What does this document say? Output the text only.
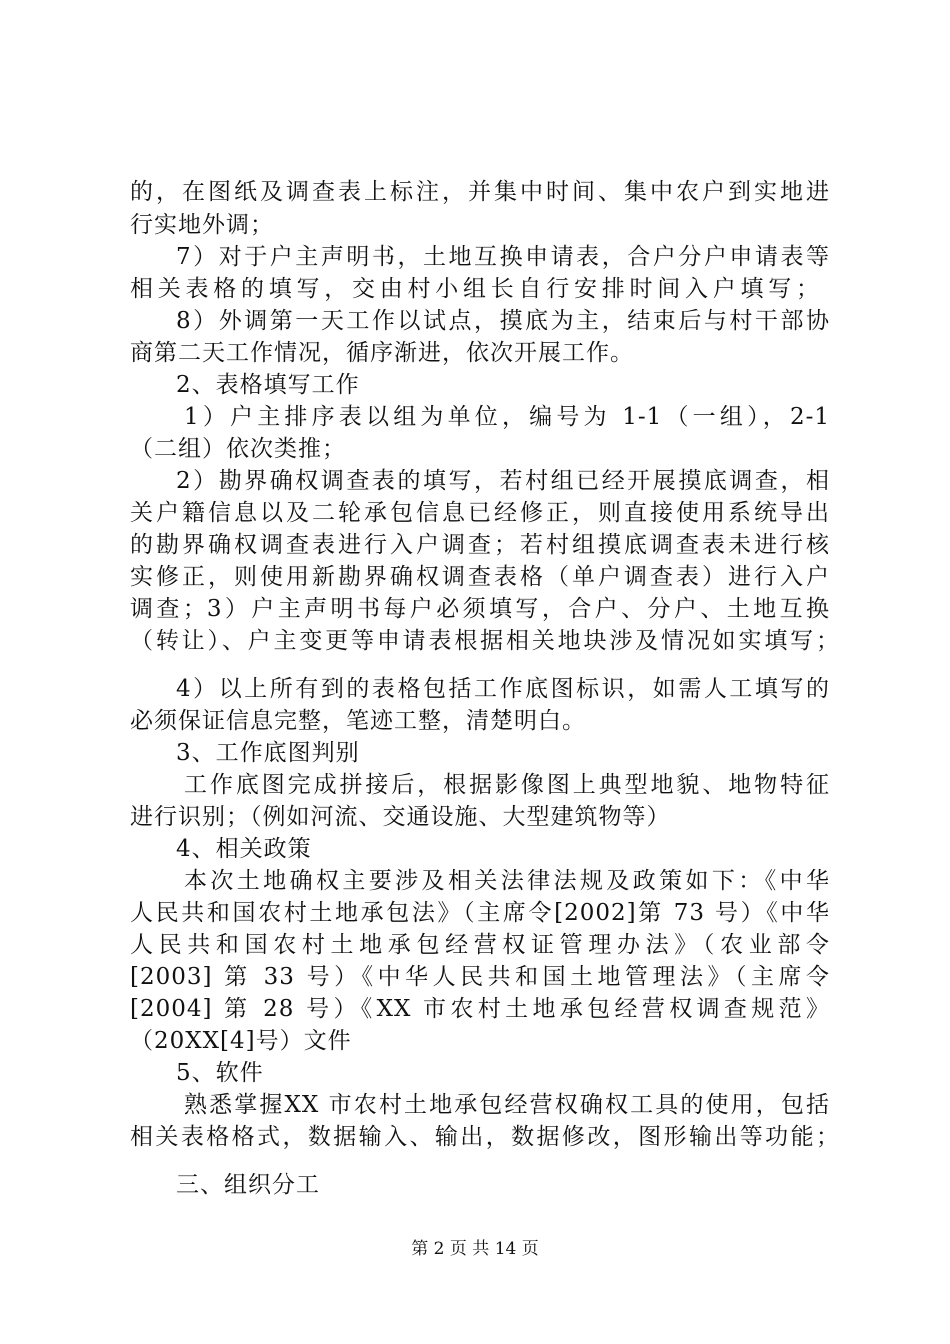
的，在图纸及调查表上标注，并集中时间、集中农户到实地进
行实地外调；
7）对于户主声明书，土地互换申请表，合户分户申请表等
相关表格的填写，交由村小组长自行安排时间入户填写；
8）外调第一天工作以试点，摸底为主，结束后与村干部协
商第二天工作情况，循序渐进，依次开展工作。
2、表格填写工作
1）户主排序表以组为单位，编号为 1-1（一组），2-1
（二组）依次类推；
2）勘界确权调查表的填写，若村组已经开展摸底调查，相
关户籍信息以及二轮承包信息已经修正，则直接使用系统导出
的勘界确权调查表进行入户调查；若村组摸底调查表未进行核
实修正，则使用新勘界确权调查表格（单户调查表）进行入户
调查；3）户主声明书每户必须填写，合户、分户、土地互换
（转让）、户主变更等申请表根据相关地块涉及情况如实填写；
4）以上所有到的表格包括工作底图标识，如需人工填写的
必须保证信息完整，笔迹工整，清楚明白。
3、工作底图判别
工作底图完成拼接后，根据影像图上典型地貌、地物特征
进行识别；（例如河流、交通设施、大型建筑物等）
4、相关政策
本次土地确权主要涉及相关法律法规及政策如下：《中华
人民共和国农村土地承包法》（主席令[2002]第 73 号）《中华
人民共和国农村土地承包经营权证管理办法》（农业部令
[2003] 第 33 号）《中华人民共和国土地管理法》（主席令
[2004] 第 28 号）《XX 市农村土地承包经营权调查规范》
（20XX[4]号）文件
5、软件
熟悉掌握XX 市农村土地承包经营权确权工具的使用，包括
相关表格格式，数据输入、输出，数据修改，图形输出等功能；
三、组织分工
第 2 页 共 14 页
